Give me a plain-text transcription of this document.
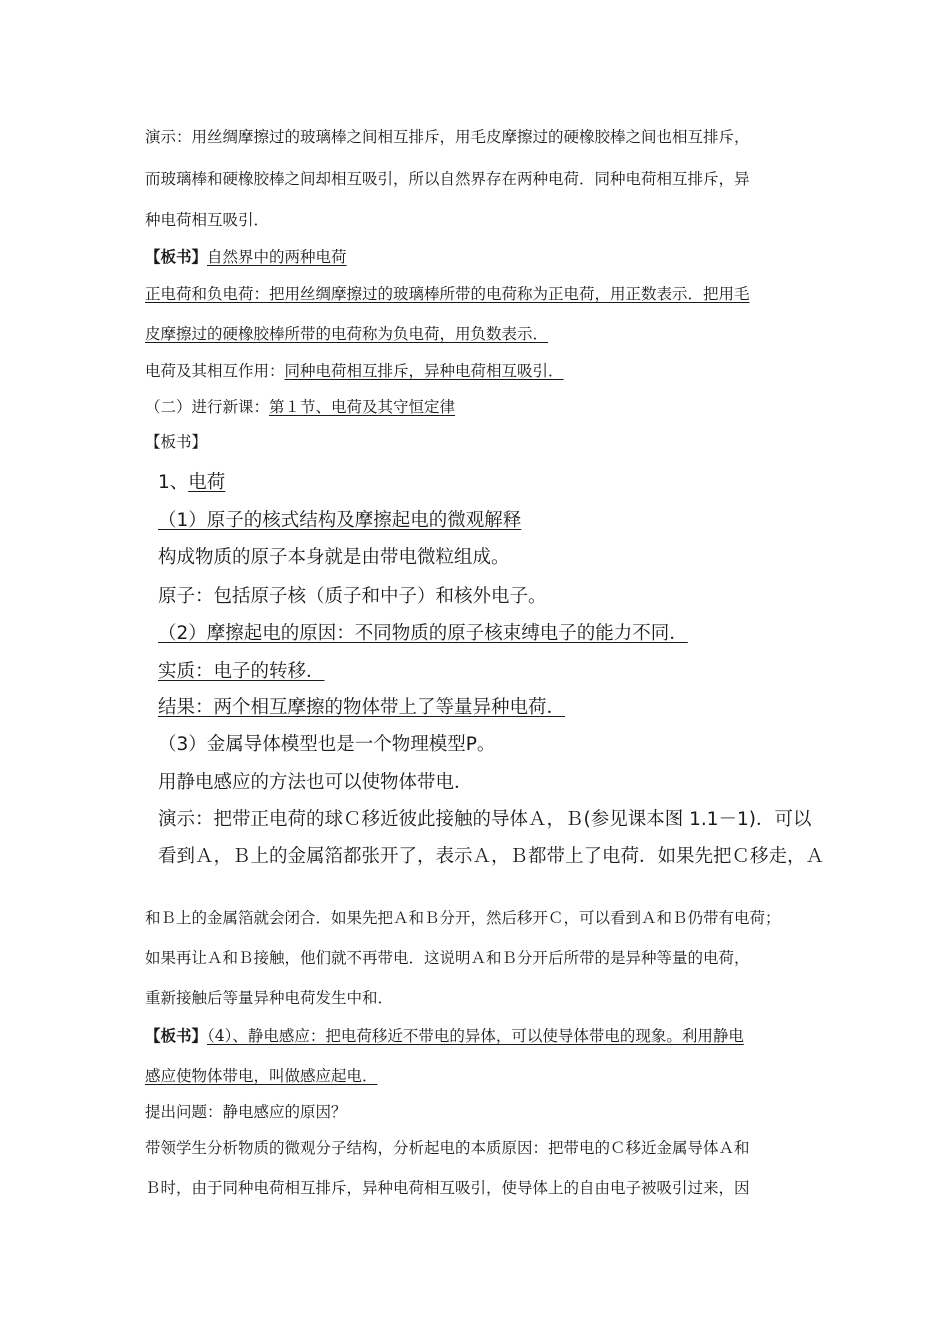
演示：用丝绸摩擦过的玻璃棒之间相互排斥，用毛皮摩擦过的硬橡胶棒之间也相互排斥，
而玻璃棒和硬橡胶棒之间却相互吸引，所以自然界存在两种电荷．同种电荷相互排斥，异
种电荷相互吸引．
【板书】自然界中的两种电荷
正电荷和负电荷：把用丝绸摩擦过的玻璃棒所带的电荷称为正电荷，用正数表示．把用毛
皮摩擦过的硬橡胶棒所带的电荷称为负电荷，用负数表示．
电荷及其相互作用：同种电荷相互排斥，异种电荷相互吸引．
（二）进行新课：第１节、电荷及其守恒定律
【板书】
1、电荷
（1）原子的核式结构及摩擦起电的微观解释
构成物质的原子本身就是由带电微粒组成。
原子：包括原子核（质子和中子）和核外电子。
（2）摩擦起电的原因：不同物质的原子核束缚电子的能力不同．
实质：电子的转移．
结果：两个相互摩擦的物体带上了等量异种电荷．
（3）金属导体模型也是一个物理模型P。
用静电感应的方法也可以使物体带电．
演示：把带正电荷的球Ｃ移近彼此接触的导体Ａ，Ｂ(参见课本图 1.1－1)．可以
看到Ａ，Ｂ上的金属箔都张开了，表示Ａ，Ｂ都带上了电荷．如果先把Ｃ移走，Ａ
和Ｂ上的金属箔就会闭合．如果先把Ａ和Ｂ分开，然后移开Ｃ，可以看到Ａ和Ｂ仍带有电荷；
如果再让Ａ和Ｂ接触，他们就不再带电．这说明Ａ和Ｂ分开后所带的是异种等量的电荷，
重新接触后等量异种电荷发生中和．
【板书】（4）、静电感应：把电荷移近不带电的异体，可以使导体带电的现象。利用静电
感应使物体带电，叫做感应起电．
提出问题：静电感应的原因？
带领学生分析物质的微观分子结构，分析起电的本质原因：把带电的Ｃ移近金属导体Ａ和
Ｂ时，由于同种电荷相互排斥，异种电荷相互吸引，使导体上的自由电子被吸引过来，因
